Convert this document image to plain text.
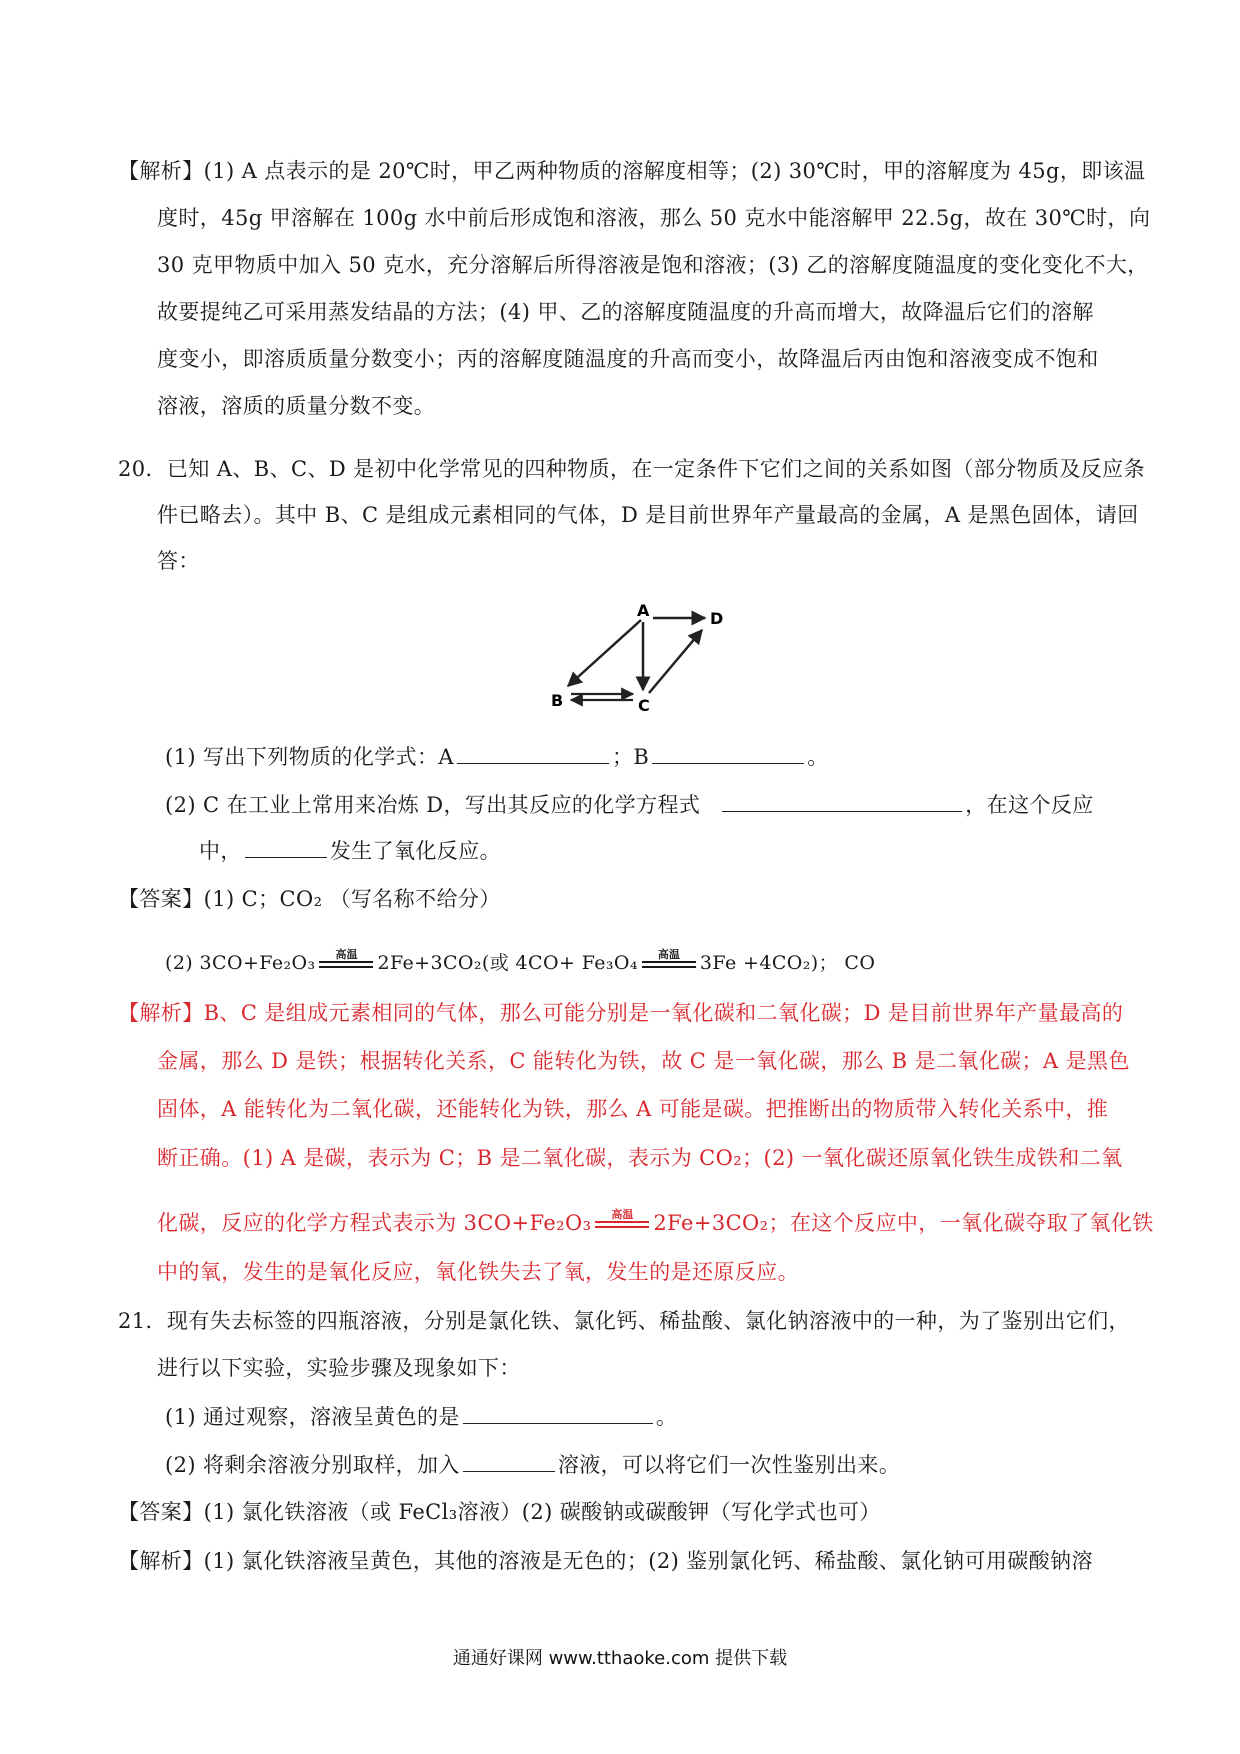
【解析】(1) A 点表示的是 20℃时，甲乙两种物质的溶解度相等；(2) 30℃时，甲的溶解度为 45g，即该温
度时，45g 甲溶解在 100g 水中前后形成饱和溶液，那么 50 克水中能溶解甲 22.5g，故在 30℃时，向
30 克甲物质中加入 50 克水，充分溶解后所得溶液是饱和溶液；(3) 乙的溶解度随温度的变化变化不大，
故要提纯乙可采用蒸发结晶的方法；(4) 甲、乙的溶解度随温度的升高而增大，故降温后它们的溶解
度变小，即溶质质量分数变小；丙的溶解度随温度的升高而变小，故降温后丙由饱和溶液变成不饱和
溶液，溶质的质量分数不变。
20．已知 A、B、C、D 是初中化学常见的四种物质，在一定条件下它们之间的关系如图（部分物质及反应条
件已略去）。其中 B、C 是组成元素相同的气体，D 是目前世界年产量最高的金属，A 是黑色固体，请回
答：
A	D
B	C
(1) 写出下列物质的化学式：A	；B	。
(2) C 在工业上常用来冶炼 D，写出其反应的化学方程式	，在这个反应
中，	发生了氧化反应。
【答案】(1) C；CO₂ （写名称不给分）
(2) 3CO+Fe₂O₃ 高温 2Fe+3CO₂(或 4CO+ Fe₃O₄ 高温 3Fe +4CO₂)； CO
【解析】B、C 是组成元素相同的气体，那么可能分别是一氧化碳和二氧化碳；D 是目前世界年产量最高的
金属，那么 D 是铁；根据转化关系，C 能转化为铁，故 C 是一氧化碳，那么 B 是二氧化碳；A 是黑色
固体，A 能转化为二氧化碳，还能转化为铁，那么 A 可能是碳。把推断出的物质带入转化关系中，推
断正确。(1) A 是碳，表示为 C；B 是二氧化碳，表示为 CO₂；(2) 一氧化碳还原氧化铁生成铁和二氧
化碳，反应的化学方程式表示为 3CO+Fe₂O₃ 高温 2Fe+3CO₂；在这个反应中，一氧化碳夺取了氧化铁
中的氧，发生的是氧化反应，氧化铁失去了氧，发生的是还原反应。
21．现有失去标签的四瓶溶液，分别是氯化铁、氯化钙、稀盐酸、氯化钠溶液中的一种，为了鉴别出它们，
进行以下实验，实验步骤及现象如下：
(1) 通过观察，溶液呈黄色的是	。
(2) 将剩余溶液分别取样，加入	溶液，可以将它们一次性鉴别出来。
【答案】(1) 氯化铁溶液（或 FeCl₃溶液）(2) 碳酸钠或碳酸钾（写化学式也可）
【解析】(1) 氯化铁溶液呈黄色，其他的溶液是无色的；(2) 鉴别氯化钙、稀盐酸、氯化钠可用碳酸钠溶
通通好课网 www.tthaoke.com 提供下载
